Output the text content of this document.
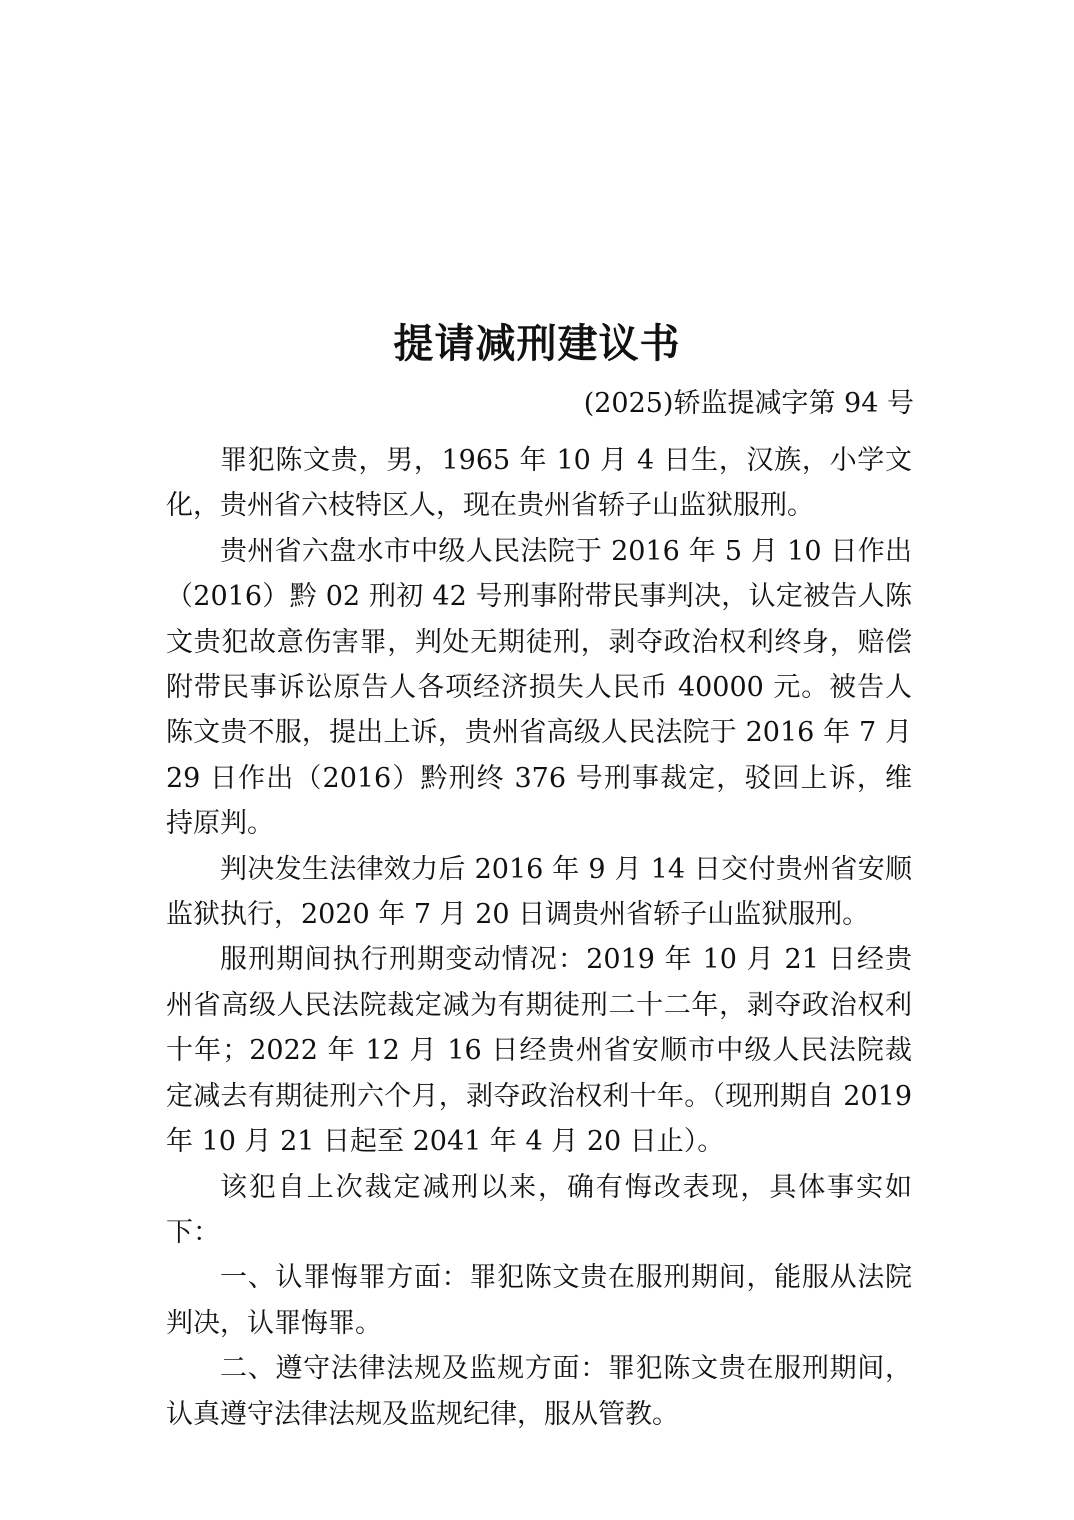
提请减刑建议书
(2025)轿监提减字第 94 号

罪犯陈文贵，男，1965 年 10 月 4 日生，汉族，小学文化，贵州省六枝特区人，现在贵州省轿子山监狱服刑。

贵州省六盘水市中级人民法院于 2016 年 5 月 10 日作出（2016）黔 02 刑初 42 号刑事附带民事判决，认定被告人陈文贵犯故意伤害罪，判处无期徒刑，剥夺政治权利终身，赔偿附带民事诉讼原告人各项经济损失人民币 40000 元。被告人陈文贵不服，提出上诉，贵州省高级人民法院于 2016 年 7 月 29 日作出（2016）黔刑终 376 号刑事裁定，驳回上诉，维持原判。

判决发生法律效力后 2016 年 9 月 14 日交付贵州省安顺监狱执行，2020 年 7 月 20 日调贵州省轿子山监狱服刑。

服刑期间执行刑期变动情况：2019 年 10 月 21 日经贵州省高级人民法院裁定减为有期徒刑二十二年，剥夺政治权利十年；2022 年 12 月 16 日经贵州省安顺市中级人民法院裁定减去有期徒刑六个月，剥夺政治权利十年。（现刑期自 2019 年 10 月 21 日起至 2041 年 4 月 20 日止）。

该犯自上次裁定减刑以来，确有悔改表现，具体事实如下：

一、认罪悔罪方面：罪犯陈文贵在服刑期间，能服从法院判决，认罪悔罪。

二、遵守法律法规及监规方面：罪犯陈文贵在服刑期间，认真遵守法律法规及监规纪律，服从管教。
